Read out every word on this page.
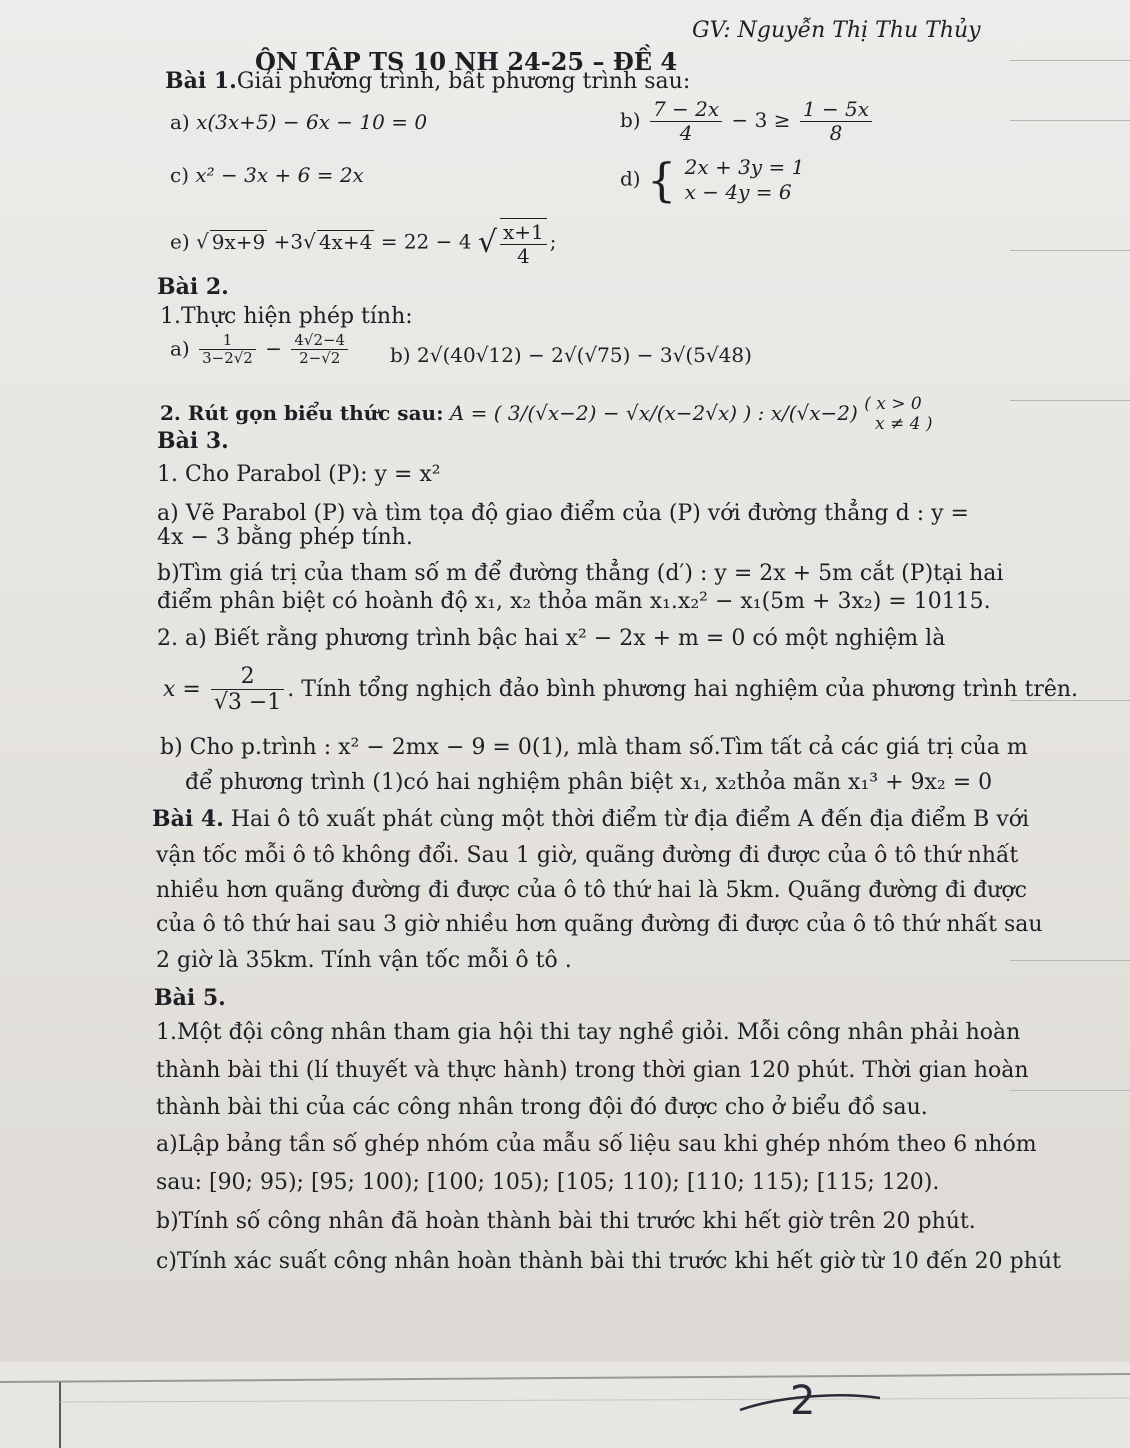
GV: Nguyễn Thị Thu Thủy
ÔN TẬP TS 10 NH 24-25 – ĐỀ 4
Bài 1.Giải phương trình, bất phương trình sau:
a) x(3x+5) − 6x − 10 = 0	$b) \frac{7 - 2x}{4} - 3 \ge \frac{1 - 5x}{8}$
c) x² − 3x + 6 = 2x	d) { 2x + 3y = 1
x − 4y = 6
e) √ 9x+9 +3√ 4x+4 = 22 − 4 √ $\frac{x+1}{4}$ ;
Bài 2.
1.Thực hiện phép tính:
$a) \frac{1}{3-2√2} - \frac{4√2-4}{2-√2} b$) 2√(40√12) − 2√(√75) − 3√(5√48)
2. Rút gọn biểu thức sau: A = ( 3/(√x−2) − √x/(x−2√x) ) : x/(√x−2) ( x > 0
x ≠ 4 )
Bài 3.
1. Cho Parabol (P): y = x²
a) Vẽ Parabol (P) và tìm tọa độ giao điểm của (P) với đường thẳng d : y =
4x − 3 bằng phép tính.
b)Tìm giá trị của tham số m để đường thẳng (d′) : y = 2x + 5m cắt (P)tại hai
điểm phân biệt có hoành độ x₁, x₂ thỏa mãn x₁.x₂² − x₁(5m + 3x₂) = 10115.
2. a) Biết rằng phương trình bậc hai x² − 2x + m = 0 có một nghiệm là
$x = \frac{2}{√3 -1}$ . Tính tổng nghịch đảo bình phương hai nghiệm của phương trình trên.
b) Cho p.trình : x² − 2mx − 9 = 0(1), mlà tham số.Tìm tất cả các giá trị của m
để phương trình (1)có hai nghiệm phân biệt x₁, x₂thỏa mãn x₁³ + 9x₂ = 0
Bài 4. Hai ô tô xuất phát cùng một thời điểm từ địa điểm A đến địa điểm B với
vận tốc mỗi ô tô không đổi. Sau 1 giờ, quãng đường đi được của ô tô thứ nhất
nhiều hơn quãng đường đi được của ô tô thứ hai là 5km. Quãng đường đi được
của ô tô thứ hai sau 3 giờ nhiều hơn quãng đường đi được của ô tô thứ nhất sau
2 giờ là 35km. Tính vận tốc mỗi ô tô .
Bài 5.
1.Một đội công nhân tham gia hội thi tay nghề giỏi. Mỗi công nhân phải hoàn
thành bài thi (lí thuyết và thực hành) trong thời gian 120 phút. Thời gian hoàn
thành bài thi của các công nhân trong đội đó được cho ở biểu đồ sau.
a)Lập bảng tần số ghép nhóm của mẫu số liệu sau khi ghép nhóm theo 6 nhóm
sau: [90; 95); [95; 100); [100; 105); [105; 110); [110; 115); [115; 120).
b)Tính số công nhân đã hoàn thành bài thi trước khi hết giờ trên 20 phút.
c)Tính xác suất công nhân hoàn thành bài thi trước khi hết giờ từ 10 đến 20 phút
2
